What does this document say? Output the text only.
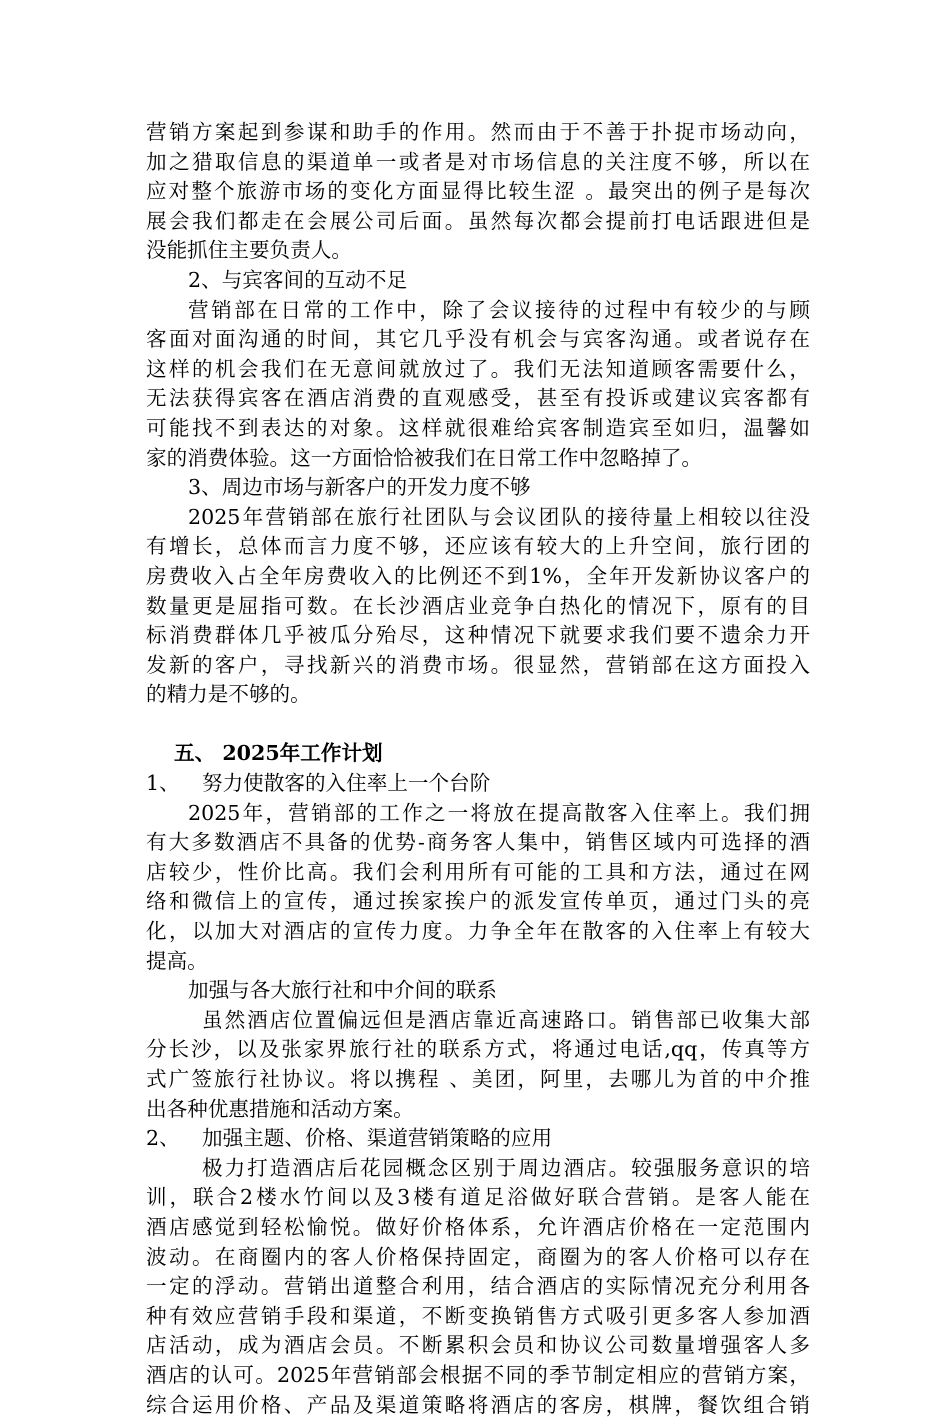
营销方案起到参谋和助手的作用。然而由于不善于扑捉市场动向，
加之猎取信息的渠道单一或者是对市场信息的关注度不够，所以在
应对整个旅游市场的变化方面显得比较生涩 。最突出的例子是每次
展会我们都走在会展公司后面。虽然每次都会提前打电话跟进但是
没能抓住主要负责人。
2、与宾客间的互动不足
营销部在日常的工作中，除了会议接待的过程中有较少的与顾
客面对面沟通的时间，其它几乎没有机会与宾客沟通。或者说存在
这样的机会我们在无意间就放过了。我们无法知道顾客需要什么，
无法获得宾客在酒店消费的直观感受，甚至有投诉或建议宾客都有
可能找不到表达的对象。这样就很难给宾客制造宾至如归，温馨如
家的消费体验。这一方面恰恰被我们在日常工作中忽略掉了。
3、周边市场与新客户的开发力度不够
2025年营销部在旅行社团队与会议团队的接待量上相较以往没
有增长，总体而言力度不够，还应该有较大的上升空间，旅行团的
房费收入占全年房费收入的比例还不到1%，全年开发新协议客户的
数量更是屈指可数。在长沙酒店业竞争白热化的情况下，原有的目
标消费群体几乎被瓜分殆尽，这种情况下就要求我们要不遗余力开
发新的客户，寻找新兴的消费市场。很显然，营销部在这方面投入
的精力是不够的。
五、 2025年工作计划
1、 努力使散客的入住率上一个台阶
2025年，营销部的工作之一将放在提高散客入住率上。我们拥
有大多数酒店不具备的优势-商务客人集中，销售区域内可选择的酒
店较少，性价比高。我们会利用所有可能的工具和方法，通过在网
络和微信上的宣传，通过挨家挨户的派发宣传单页，通过门头的亮
化，以加大对酒店的宣传力度。力争全年在散客的入住率上有较大
提高。
加强与各大旅行社和中介间的联系
虽然酒店位置偏远但是酒店靠近高速路口。销售部已收集大部
分长沙，以及张家界旅行社的联系方式，将通过电话,qq，传真等方
式广签旅行社协议。将以携程 、美团，阿里，去哪儿为首的中介推
出各种优惠措施和活动方案。
2、 加强主题、价格、渠道营销策略的应用
极力打造酒店后花园概念区别于周边酒店。较强服务意识的培
训，联合2楼水竹间以及3楼有道足浴做好联合营销。是客人能在
酒店感觉到轻松愉悦。做好价格体系，允许酒店价格在一定范围内
波动。在商圈内的客人价格保持固定，商圈为的客人价格可以存在
一定的浮动。营销出道整合利用，结合酒店的实际情况充分利用各
种有效应营销手段和渠道，不断变换销售方式吸引更多客人参加酒
店活动，成为酒店会员。不断累积会员和协议公司数量增强客人多
酒店的认可。2025年营销部会根据不同的季节制定相应的营销方案，
综合运用价格、产品及渠道策略将酒店的客房，棋牌，餐饮组合销
